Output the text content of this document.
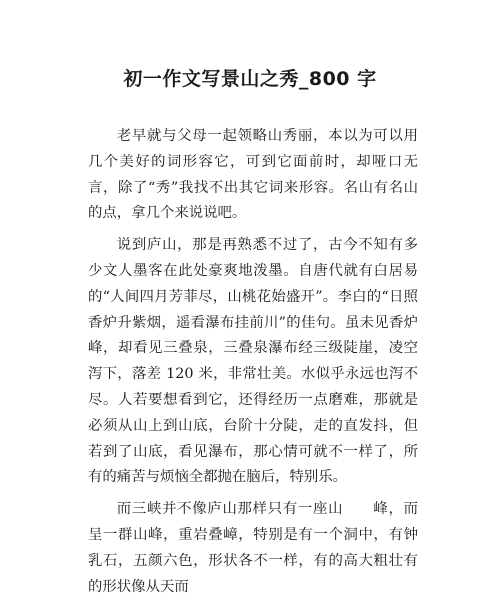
初一作文写景山之秀_800 字

老早就与父母一起领略山秀丽，本以为可以用几个美好的词形容它，可到它面前时，却哑口无言，除了“秀”我找不出其它词来形容。名山有名山的点，拿几个来说说吧。

说到庐山，那是再熟悉不过了，古今不知有多少文人墨客在此处豪爽地泼墨。自唐代就有白居易的“人间四月芳菲尽，山桃花始盛开”。李白的“日照香炉升紫烟，遥看瀑布挂前川”的佳句。虽未见香炉峰，却看见三叠泉，三叠泉瀑布经三级陡崖，凌空泻下，落差 120 米，非常壮美。水似乎永远也泻不尽。人若要想看到它，还得经历一点磨难，那就是必须从山上到山底，台阶十分陡，走的直发抖，但若到了山底，看见瀑布，那心情可就不一样了，所有的痛苦与烦恼全都抛在脑后，特别乐。

而三峡并不像庐山那样只有一座山　　峰，而呈一群山峰，重岩叠嶂，特别是有一个洞中，有钟乳石，五颜六色，形状各不一样，有的高大粗壮有的形状像从天而
